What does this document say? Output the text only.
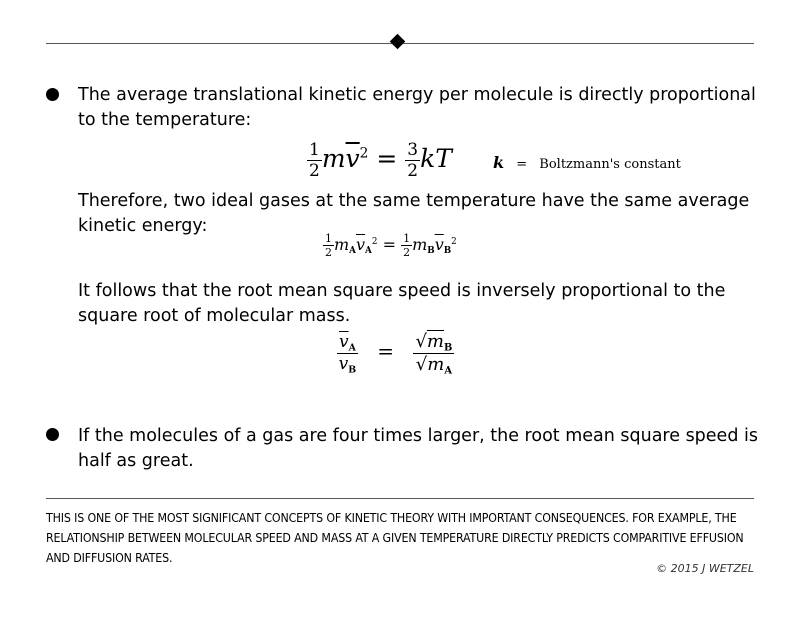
The average translational kinetic energy per molecule is directly proportional to the temperature:
$\frac{1}{2} m\overline{v}^2 = \frac{3}{2}$ kT	k = Boltzmann's constant
Therefore, two ideal gases at the same temperature have the same average kinetic energy:
$\frac{1}{2} mA\overline{v}A^2 = \frac{1}{2} mB\overline{v}B^2$
It follows that the root mean square speed is inversely proportional to the square root of molecular mass.
$\frac{\overline{v}A}{\overline{v}B} = \frac{√mB}{√mA}$
If the molecules of a gas are four times larger, the root mean square speed is half as great.
THIS IS ONE OF THE MOST SIGNIFICANT CONCEPTS OF KINETIC THEORY WITH IMPORTANT CONSEQUENCES. FOR EXAMPLE, THE RELATIONSHIP BETWEEN MOLECULAR SPEED AND MASS AT A GIVEN TEMPERATURE DIRECTLY PREDICTS COMPARITIVE EFFUSION AND DIFFUSION RATES.
© 2015 J WETZEL
